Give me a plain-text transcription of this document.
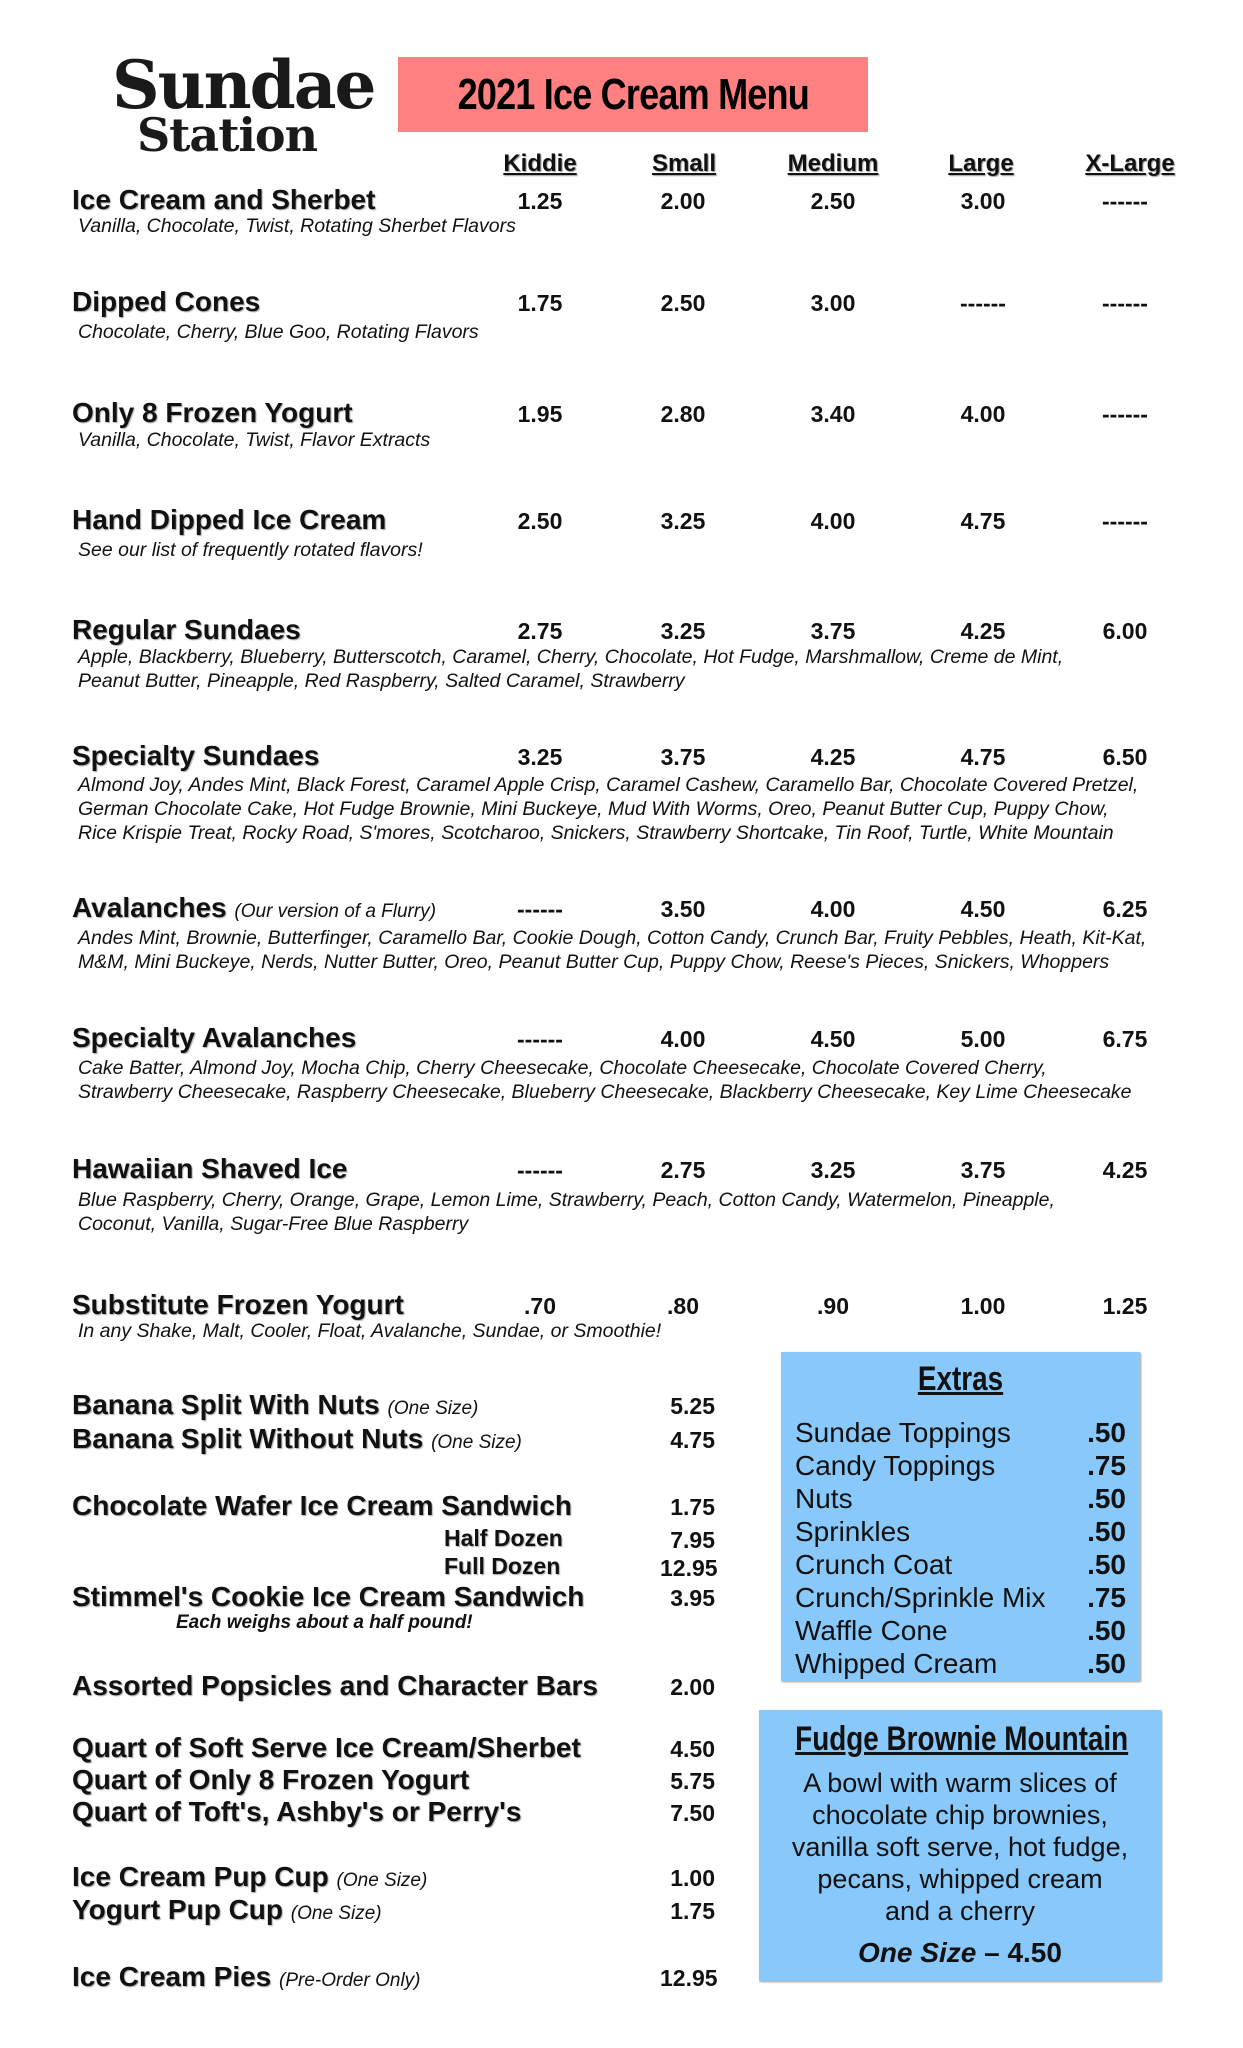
Sundae
Station
2021 Ice Cream Menu
Kiddie	Small	Medium	Large	X-Large
Ice Cream and Sherbet	1.25	2.00	2.50	3.00	------
Vanilla, Chocolate, Twist, Rotating Sherbet Flavors
Dipped Cones	1.75	2.50	3.00	------	------
Chocolate, Cherry, Blue Goo, Rotating Flavors
Only 8 Frozen Yogurt	1.95	2.80	3.40	4.00	------
Vanilla, Chocolate, Twist, Flavor Extracts
Hand Dipped Ice Cream	2.50	3.25	4.00	4.75	------
See our list of frequently rotated flavors!
Regular Sundaes	2.75	3.25	3.75	4.25	6.00
Apple, Blackberry, Blueberry, Butterscotch, Caramel, Cherry, Chocolate, Hot Fudge, Marshmallow, Creme de Mint,
Peanut Butter, Pineapple, Red Raspberry, Salted Caramel, Strawberry
Specialty Sundaes	3.25	3.75	4.25	4.75	6.50
Almond Joy, Andes Mint, Black Forest, Caramel Apple Crisp, Caramel Cashew, Caramello Bar, Chocolate Covered Pretzel,
German Chocolate Cake, Hot Fudge Brownie, Mini Buckeye, Mud With Worms, Oreo, Peanut Butter Cup, Puppy Chow,
Rice Krispie Treat, Rocky Road, S'mores, Scotcharoo, Snickers, Strawberry Shortcake, Tin Roof, Turtle, White Mountain
Avalanches (Our version of a Flurry)	------	3.50	4.00	4.50	6.25
Andes Mint, Brownie, Butterfinger, Caramello Bar, Cookie Dough, Cotton Candy, Crunch Bar, Fruity Pebbles, Heath, Kit-Kat,
M&M, Mini Buckeye, Nerds, Nutter Butter, Oreo, Peanut Butter Cup, Puppy Chow, Reese's Pieces, Snickers, Whoppers
Specialty Avalanches	------	4.00	4.50	5.00	6.75
Cake Batter, Almond Joy, Mocha Chip, Cherry Cheesecake, Chocolate Cheesecake, Chocolate Covered Cherry,
Strawberry Cheesecake, Raspberry Cheesecake, Blueberry Cheesecake, Blackberry Cheesecake, Key Lime Cheesecake
Hawaiian Shaved Ice	------	2.75	3.25	3.75	4.25
Blue Raspberry, Cherry, Orange, Grape, Lemon Lime, Strawberry, Peach, Cotton Candy, Watermelon, Pineapple,
Coconut, Vanilla, Sugar-Free Blue Raspberry
Substitute Frozen Yogurt	.70	.80	.90	1.00	1.25
In any Shake, Malt, Cooler, Float, Avalanche, Sundae, or Smoothie!
Banana Split With Nuts (One Size)	5.25
Banana Split Without Nuts (One Size)	4.75
Chocolate Wafer Ice Cream Sandwich	1.75
Half Dozen	7.95
Full Dozen	12.95
Stimmel's Cookie Ice Cream Sandwich	3.95
Assorted Popsicles and Character Bars	2.00
Quart of Soft Serve Ice Cream/Sherbet	4.50
Quart of Only 8 Frozen Yogurt	5.75
Quart of Toft's, Ashby's or Perry's	7.50
Ice Cream Pup Cup (One Size)	1.00
Yogurt Pup Cup (One Size)	1.75
Ice Cream Pies (Pre-Order Only)	12.95
Each weighs about a half pound!
Extras
Sundae Toppings	.50
Candy Toppings	.75
Nuts	.50
Sprinkles	.50
Crunch Coat	.50
Crunch/Sprinkle Mix	.75
Waffle Cone	.50
Whipped Cream	.50
Fudge Brownie Mountain
A bowl with warm slices of
chocolate chip brownies,
vanilla soft serve, hot fudge,
pecans, whipped cream
and a cherry
One Size – 4.50
